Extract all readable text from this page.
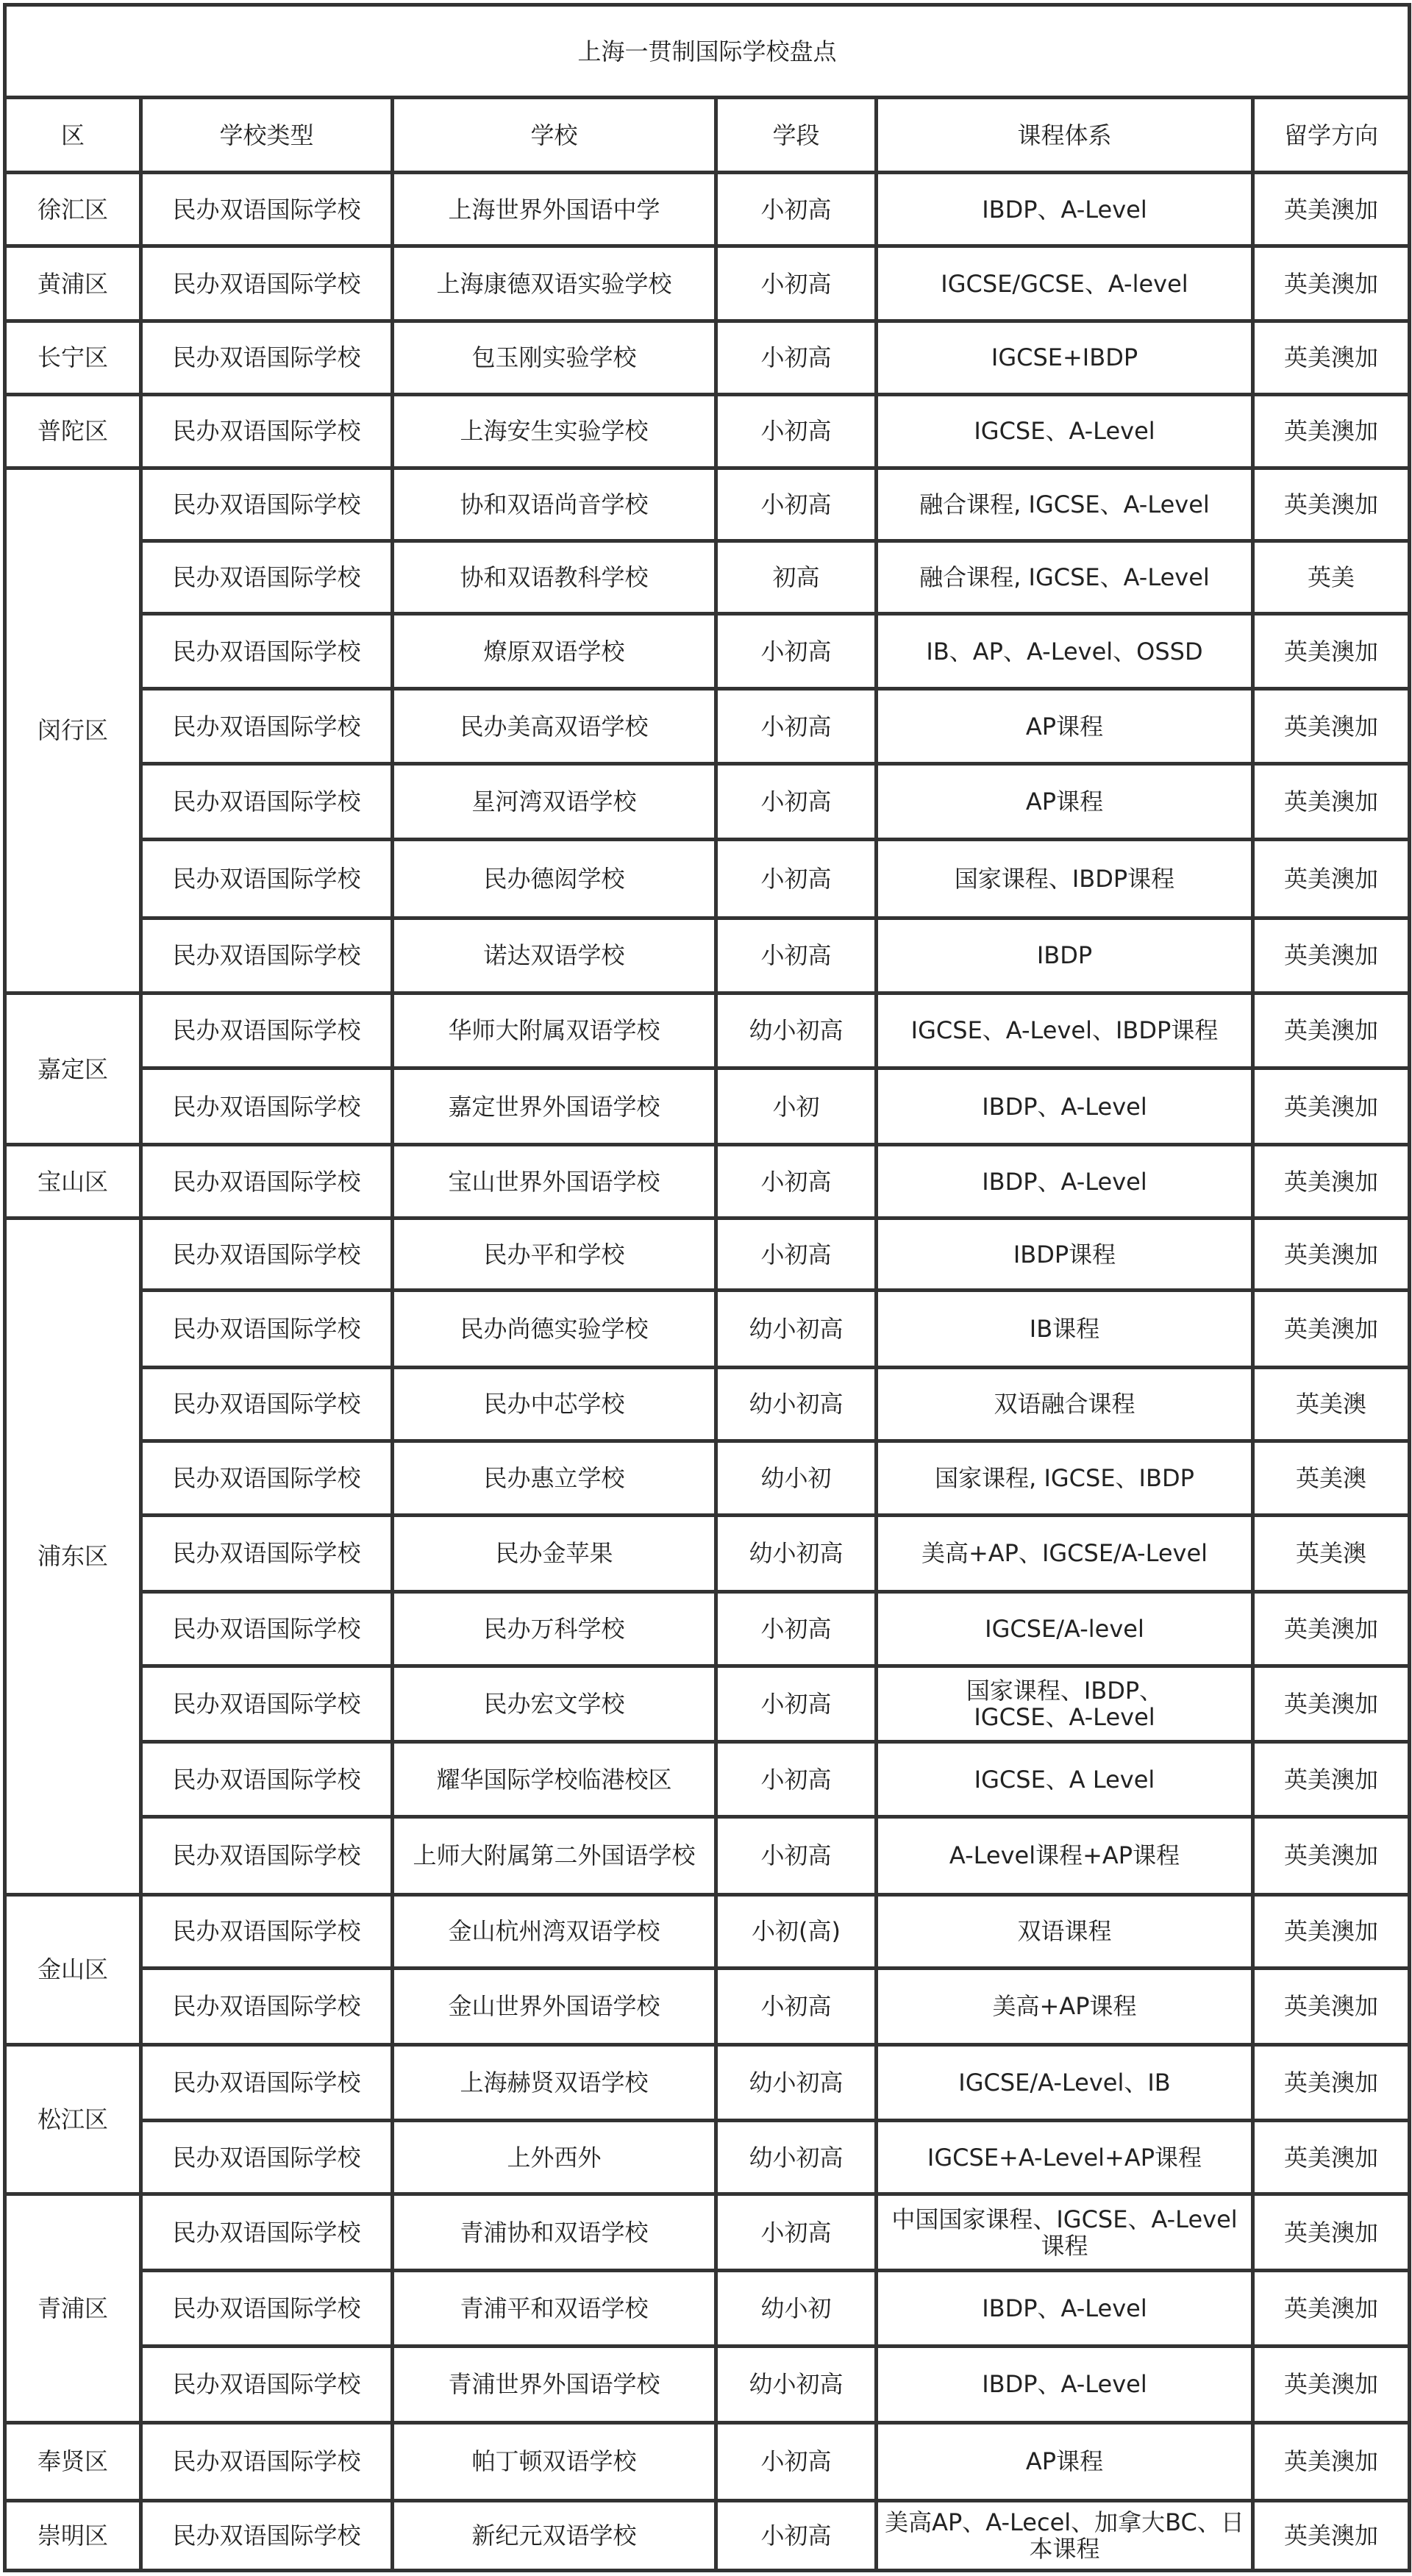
上海一贯制国际学校盘点					
区	学校类型	学校	学段	课程体系	留学方向
徐汇区	民办双语国际学校	上海世界外国语中学	小初高	IBDP、A-Level	英美澳加
黄浦区	民办双语国际学校	上海康德双语实验学校	小初高	IGCSE/GCSE、A-level	英美澳加
长宁区	民办双语国际学校	包玉刚实验学校	小初高	IGCSE+IBDP	英美澳加
普陀区	民办双语国际学校	上海安生实验学校	小初高	IGCSE、A-Level	英美澳加
闵行区	民办双语国际学校	协和双语尚音学校	小初高	融合课程, IGCSE、A-Level	英美澳加
	民办双语国际学校	协和双语教科学校	初高	融合课程, IGCSE、A-Level	英美
	民办双语国际学校	燎原双语学校	小初高	IB、AP、A-Level、OSSD	英美澳加
	民办双语国际学校	民办美高双语学校	小初高	AP课程	英美澳加
	民办双语国际学校	星河湾双语学校	小初高	AP课程	英美澳加
	民办双语国际学校	民办德闳学校	小初高	国家课程、IBDP课程	英美澳加
	民办双语国际学校	诺达双语学校	小初高	IBDP	英美澳加
嘉定区	民办双语国际学校	华师大附属双语学校	幼小初高	IGCSE、A-Level、IBDP课程	英美澳加
	民办双语国际学校	嘉定世界外国语学校	小初	IBDP、A-Level	英美澳加
宝山区	民办双语国际学校	宝山世界外国语学校	小初高	IBDP、A-Level	英美澳加
浦东区	民办双语国际学校	民办平和学校	小初高	IBDP课程	英美澳加
	民办双语国际学校	民办尚德实验学校	幼小初高	IB课程	英美澳加
	民办双语国际学校	民办中芯学校	幼小初高	双语融合课程	英美澳
	民办双语国际学校	民办惠立学校	幼小初	国家课程, IGCSE、IBDP	英美澳
	民办双语国际学校	民办金苹果	幼小初高	美高+AP、IGCSE/A-Level	英美澳
	民办双语国际学校	民办万科学校	小初高	IGCSE/A-level	英美澳加
	民办双语国际学校	民办宏文学校	小初高	国家课程、IBDP、
IGCSE、A-Level	英美澳加
	民办双语国际学校	耀华国际学校临港校区	小初高	IGCSE、A Level	英美澳加
	民办双语国际学校	上师大附属第二外国语学校	小初高	A-Level课程+AP课程	英美澳加
金山区	民办双语国际学校	金山杭州湾双语学校	小初(高)	双语课程	英美澳加
	民办双语国际学校	金山世界外国语学校	小初高	美高+AP课程	英美澳加
松江区	民办双语国际学校	上海赫贤双语学校	幼小初高	IGCSE/A-Level、IB	英美澳加
	民办双语国际学校	上外西外	幼小初高	IGCSE+A-Level+AP课程	英美澳加
青浦区	民办双语国际学校	青浦协和双语学校	小初高	中国国家课程、IGCSE、A-Level
课程	英美澳加
	民办双语国际学校	青浦平和双语学校	幼小初	IBDP、A-Level	英美澳加
	民办双语国际学校	青浦世界外国语学校	幼小初高	IBDP、A-Level	英美澳加
奉贤区	民办双语国际学校	帕丁顿双语学校	小初高	AP课程	英美澳加
崇明区	民办双语国际学校	新纪元双语学校	小初高	美高AP、A-Lecel、加拿大BC、日
本课程	英美澳加
